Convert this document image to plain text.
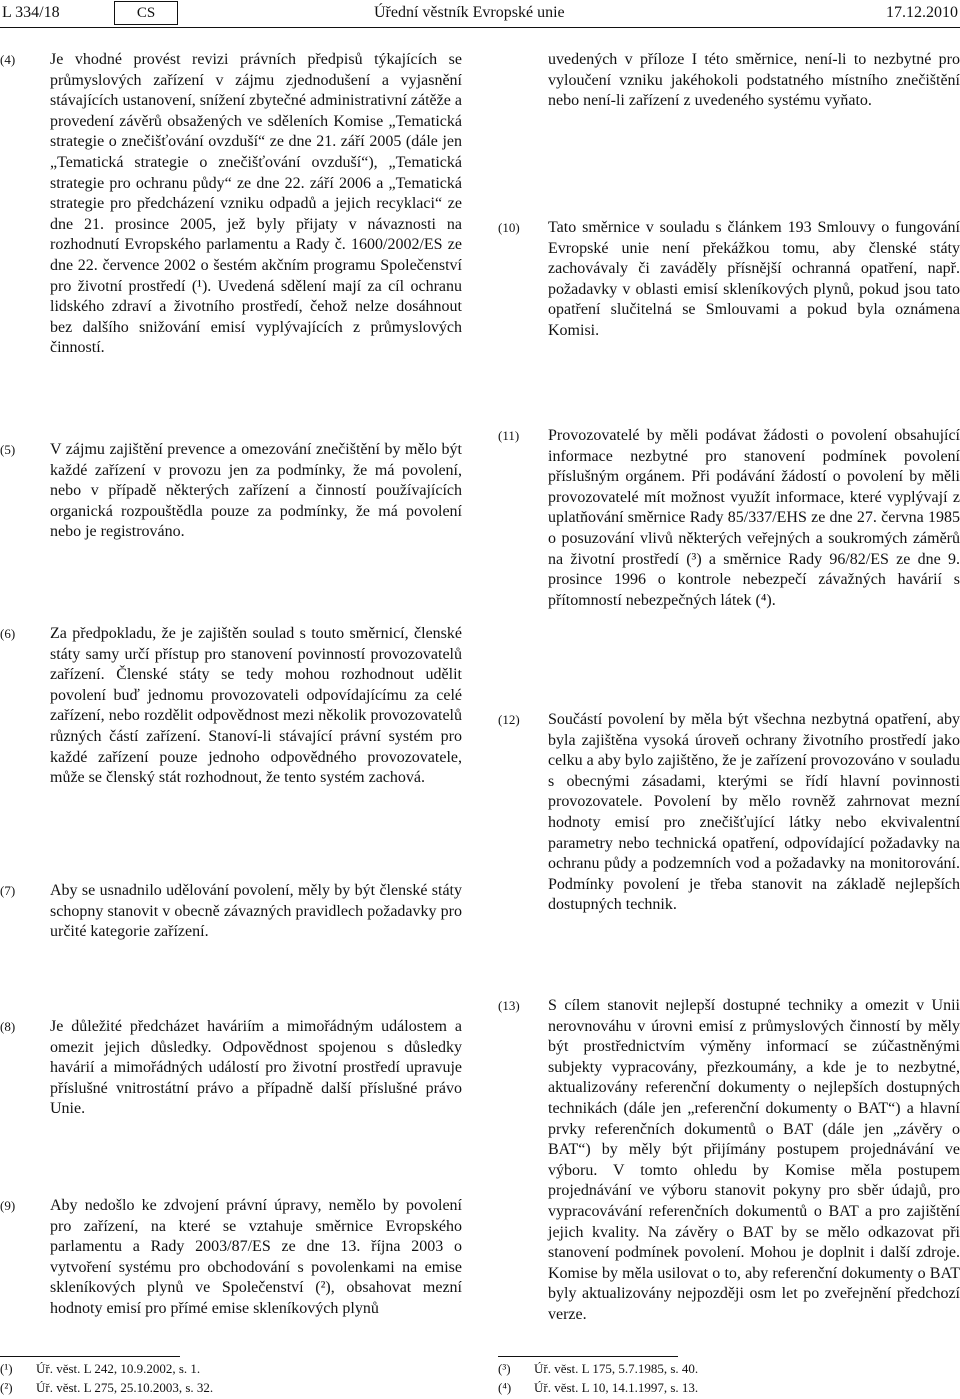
L 334/18	CS	Úřední věstník Evropské unie	17.12.2010
(4)	Je vhodné provést revizi právních předpisů týkajících se průmyslových zařízení v zájmu zjednodušení a vyjasnění stávajících ustanovení, snížení zbytečné administrativní zátěže a provedení závěrů obsažených ve sděleních Komise „Tematická strategie o znečišťování ovzduší“ ze dne 21. září 2005 (dále jen „Tematická strategie o znečišťování ovzduší“), „Tematická strategie pro ochranu půdy“ ze dne 22. září 2006 a „Tematická strategie pro předcházení vzniku odpadů a jejich recyklaci“ ze dne 21. prosince 2005, jež byly přijaty v návaznosti na rozhodnutí Evropského parlamentu a Rady č. 1600/2002/ES ze dne 22. července 2002 o šestém akčním programu Společenství pro životní prostředí (¹). Uvedená sdělení mají za cíl ochranu lidského zdraví a životního prostředí, čehož nelze dosáhnout bez dalšího snižování emisí vyplývajících z průmyslových činností.
(5)	V zájmu zajištění prevence a omezování znečištění by mělo být každé zařízení v provozu jen za podmínky, že má povolení, nebo v případě některých zařízení a činností používajících organická rozpouštědla pouze za podmínky, že má povolení nebo je registrováno.
(6)	Za předpokladu, že je zajištěn soulad s touto směrnicí, členské státy samy určí přístup pro stanovení povinností provozovatelů zařízení. Členské státy se tedy mohou rozhodnout udělit povolení buď jednomu provozovateli odpovídajícímu za celé zařízení, nebo rozdělit odpovědnost mezi několik provozovatelů různých částí zařízení. Stanoví-li stávající právní systém pro každé zařízení pouze jednoho odpovědného provozovatele, může se členský stát rozhodnout, že tento systém zachová.
(7)	Aby se usnadnilo udělování povolení, měly by být členské státy schopny stanovit v obecně závazných pravidlech požadavky pro určité kategorie zařízení.
(8)	Je důležité předcházet haváriím a mimořádným událostem a omezit jejich důsledky. Odpovědnost spojenou s důsledky havárií a mimořádných událostí pro životní prostředí upravuje příslušné vnitrostátní právo a případně další příslušné právo Unie.
(9)	Aby nedošlo ke zdvojení právní úpravy, nemělo by povolení pro zařízení, na které se vztahuje směrnice Evropského parlamentu a Rady 2003/87/ES ze dne 13. října 2003 o vytvoření systému pro obchodování s povolenkami na emise skleníkových plynů ve Společenství (²), obsahovat mezní hodnoty emisí pro přímé emise skleníkových plynů
uvedených v příloze I této směrnice, není-li to nezbytné pro vyloučení vzniku jakéhokoli podstatného místního znečištění nebo není-li zařízení z uvedeného systému vyňato.
(10)	Tato směrnice v souladu s článkem 193 Smlouvy o fungování Evropské unie není překážkou tomu, aby členské státy zachovávaly či zaváděly přísnější ochranná opatření, např. požadavky v oblasti emisí skleníkových plynů, pokud jsou tato opatření slučitelná se Smlouvami a pokud byla oznámena Komisi.
(11)	Provozovatelé by měli podávat žádosti o povolení obsahující informace nezbytné pro stanovení podmínek povolení příslušným orgánem. Při podávání žádostí o povolení by měli provozovatelé mít možnost využít informace, které vyplývají z uplatňování směrnice Rady 85/337/EHS ze dne 27. června 1985 o posuzování vlivů některých veřejných a soukromých záměrů na životní prostředí (³) a směrnice Rady 96/82/ES ze dne 9. prosince 1996 o kontrole nebezpečí závažných havárií s přítomností nebezpečných látek (⁴).
(12)	Součástí povolení by měla být všechna nezbytná opatření, aby byla zajištěna vysoká úroveň ochrany životního prostředí jako celku a aby bylo zajištěno, že je zařízení provozováno v souladu s obecnými zásadami, kterými se řídí hlavní povinnosti provozovatele. Povolení by mělo rovněž zahrnovat mezní hodnoty emisí pro znečišťující látky nebo ekvivalentní parametry nebo technická opatření, odpovídající požadavky na ochranu půdy a podzemních vod a požadavky na monitorování. Podmínky povolení je třeba stanovit na základě nejlepších dostupných technik.
(13)	S cílem stanovit nejlepší dostupné techniky a omezit v Unii nerovnováhu v úrovni emisí z průmyslových činností by měly být prostřednictvím výměny informací se zúčastněnými subjekty vypracovány, přezkoumány, a kde je to nezbytné, aktualizovány referenční dokumenty o nejlepších dostupných technikách (dále jen „referenční dokumenty o BAT“) a hlavní prvky referenčních dokumentů o BAT (dále jen „závěry o BAT“) by měly být přijímány postupem projednávání ve výboru. V tomto ohledu by Komise měla postupem projednávání ve výboru stanovit pokyny pro sběr údajů, pro vypracovávání referenčních dokumentů o BAT a pro zajištění jejich kvality. Na závěry o BAT by se mělo odkazovat při stanovení podmínek povolení. Mohou je doplnit i další zdroje. Komise by měla usilovat o to, aby referenční dokumenty o BAT byly aktualizovány nejpozději osm let po zveřejnění předchozí verze.
(¹) Úř. věst. L 242, 10.9.2002, s. 1.
(²) Úř. věst. L 275, 25.10.2003, s. 32.
(³) Úř. věst. L 175, 5.7.1985, s. 40.
(⁴) Úř. věst. L 10, 14.1.1997, s. 13.
